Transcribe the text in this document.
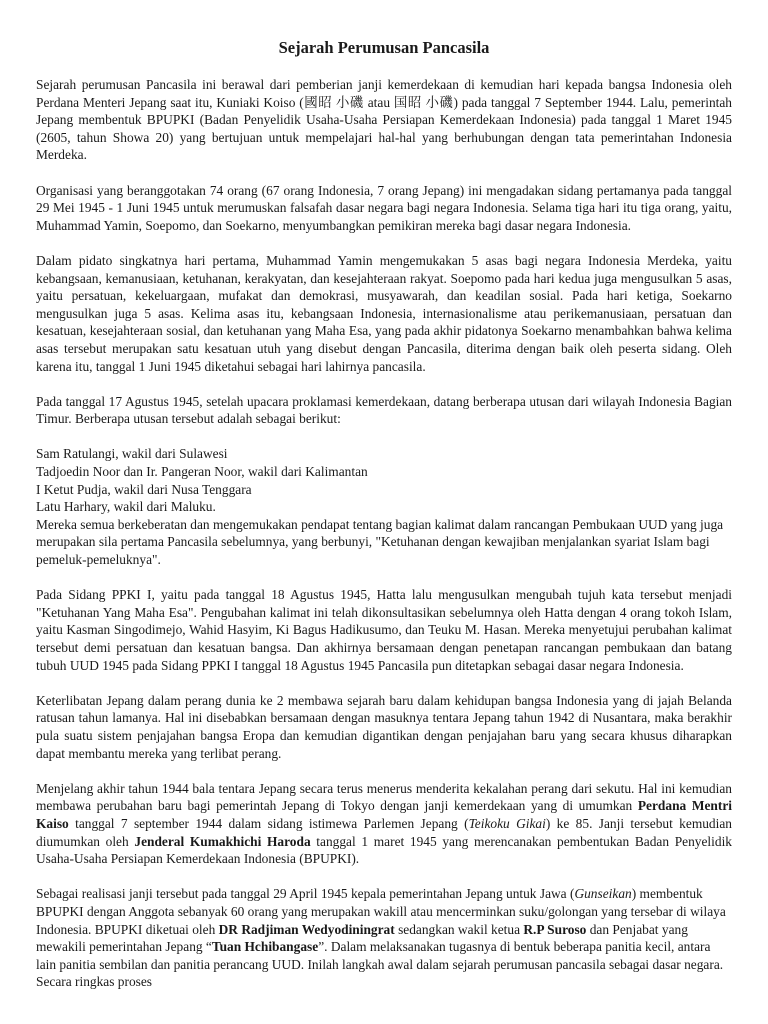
Sejarah Perumusan Pancasila

Sejarah perumusan Pancasila ini berawal dari pemberian janji kemerdekaan di kemudian hari kepada bangsa Indonesia oleh Perdana Menteri Jepang saat itu, Kuniaki Koiso (國昭 小磯 atau 国昭 小磯) pada tanggal 7 September 1944. Lalu, pemerintah Jepang membentuk BPUPKI (Badan Penyelidik Usaha-Usaha Persiapan Kemerdekaan Indonesia) pada tanggal 1 Maret 1945 (2605, tahun Showa 20) yang bertujuan untuk mempelajari hal-hal yang berhubungan dengan tata pemerintahan Indonesia Merdeka.

Organisasi yang beranggotakan 74 orang (67 orang Indonesia, 7 orang Jepang) ini mengadakan sidang pertamanya pada tanggal 29 Mei 1945 - 1 Juni 1945 untuk merumuskan falsafah dasar negara bagi negara Indonesia. Selama tiga hari itu tiga orang, yaitu, Muhammad Yamin, Soepomo, dan Soekarno, menyumbangkan pemikiran mereka bagi dasar negara Indonesia.

Dalam pidato singkatnya hari pertama, Muhammad Yamin mengemukakan 5 asas bagi negara Indonesia Merdeka, yaitu kebangsaan, kemanusiaan, ketuhanan, kerakyatan, dan kesejahteraan rakyat. Soepomo pada hari kedua juga mengusulkan 5 asas, yaitu persatuan, kekeluargaan, mufakat dan demokrasi, musyawarah, dan keadilan sosial. Pada hari ketiga, Soekarno mengusulkan juga 5 asas. Kelima asas itu, kebangsaan Indonesia, internasionalisme atau perikemanusiaan, persatuan dan kesatuan, kesejahteraan sosial, dan ketuhanan yang Maha Esa, yang pada akhir pidatonya Soekarno menambahkan bahwa kelima asas tersebut merupakan satu kesatuan utuh yang disebut dengan Pancasila, diterima dengan baik oleh peserta sidang. Oleh karena itu, tanggal 1 Juni 1945 diketahui sebagai hari lahirnya pancasila.

Pada tanggal 17 Agustus 1945, setelah upacara proklamasi kemerdekaan, datang berberapa utusan dari wilayah Indonesia Bagian Timur. Berberapa utusan tersebut adalah sebagai berikut:

Sam Ratulangi, wakil dari Sulawesi

Tadjoedin Noor dan Ir. Pangeran Noor, wakil dari Kalimantan

I Ketut Pudja, wakil dari Nusa Tenggara

Latu Harhary, wakil dari Maluku.

Mereka semua berkeberatan dan mengemukakan pendapat tentang bagian kalimat dalam rancangan Pembukaan UUD yang juga merupakan sila pertama Pancasila sebelumnya, yang berbunyi, "Ketuhanan dengan kewajiban menjalankan syariat Islam bagi pemeluk-pemeluknya".

Pada Sidang PPKI I, yaitu pada tanggal 18 Agustus 1945, Hatta lalu mengusulkan mengubah tujuh kata tersebut menjadi "Ketuhanan Yang Maha Esa". Pengubahan kalimat ini telah dikonsultasikan sebelumnya oleh Hatta dengan 4 orang tokoh Islam, yaitu Kasman Singodimejo, Wahid Hasyim, Ki Bagus Hadikusumo, dan Teuku M. Hasan. Mereka menyetujui perubahan kalimat tersebut demi persatuan dan kesatuan bangsa. Dan akhirnya bersamaan dengan penetapan rancangan pembukaan dan batang tubuh UUD 1945 pada Sidang PPKI I tanggal 18 Agustus 1945 Pancasila pun ditetapkan sebagai dasar negara Indonesia.

Keterlibatan Jepang dalam perang dunia ke 2 membawa sejarah baru dalam kehidupan bangsa Indonesia yang di jajah Belanda ratusan tahun lamanya. Hal ini disebabkan bersamaan dengan masuknya tentara Jepang tahun 1942 di Nusantara, maka berakhir pula suatu sistem penjajahan bangsa Eropa dan kemudian digantikan dengan penjajahan baru yang secara khusus diharapkan dapat membantu mereka yang terlibat perang.

Menjelang akhir tahun 1944 bala tentara Jepang secara terus menerus menderita kekalahan perang dari sekutu. Hal ini kemudian membawa perubahan baru bagi pemerintah Jepang di Tokyo dengan janji kemerdekaan yang di umumkan Perdana Mentri Kaiso tanggal 7 september 1944 dalam sidang istimewa Parlemen Jepang (Teikoku Gikai) ke 85. Janji tersebut kemudian diumumkan oleh Jenderal Kumakhichi Haroda tanggal 1 maret 1945 yang merencanakan pembentukan Badan Penyelidik Usaha-Usaha Persiapan Kemerdekaan Indonesia (BPUPKI).

Sebagai realisasi janji tersebut pada tanggal 29 April 1945 kepala pemerintahan Jepang untuk Jawa (Gunseikan) membentuk BPUPKI dengan Anggota sebanyak 60 orang yang merupakan wakill atau mencerminkan suku/golongan yang tersebar di wilaya Indonesia. BPUPKI diketuai oleh DR Radjiman Wedyodiningrat sedangkan wakil ketua R.P Suroso dan Penjabat yang mewakili pemerintahan Jepang “Tuan Hchibangase”. Dalam melaksanakan tugasnya di bentuk beberapa panitia kecil, antara lain panitia sembilan dan panitia perancang UUD. Inilah langkah awal dalam sejarah perumusan pancasila sebagai dasar negara. Secara ringkas proses
